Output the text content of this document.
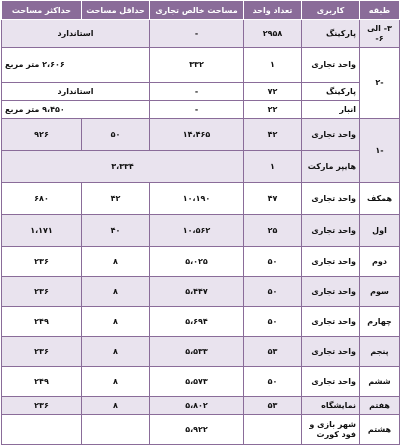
طبقه	کاربری	تعداد واحد	مساحت خالص تجاری	حداقل مساحت	حداکثر مساحت
۳- الی ۶-	پارکینگ	۲۹۵۸	-	استاندارد	
-۲	واحد تجاری	۱	۳۳۲	۲،۶۰۶ متر مربع	
	پارکینگ	۷۲	-	استاندارد	
	انبار	۲۲	-	۹،۴۵۰ متر مربع	
-۱	واحد تجاری	۴۲	۱۴،۴۶۵	۵۰	۹۲۶
	هایپر مارکت	۱	۳،۳۳۴		
همکف	واحد تجاری	۴۷	۱۰،۱۹۰	۴۲	۶۸۰
اول	واحد تجاری	۲۵	۱۰،۵۶۲	۴۰	۱،۱۷۱
دوم	واحد تجاری	۵۰	۵،۰۲۵	۸	۲۳۶
سوم	واحد تجاری	۵۰	۵،۴۴۷	۸	۲۳۶
چهارم	واحد تجاری	۵۰	۵،۶۹۴	۸	۲۴۹
پنجم	واحد تجاری	۵۳	۵،۵۳۳	۸	۲۳۶
ششم	واحد تجاری	۵۰	۵،۵۷۳	۸	۲۴۹
هفتم	نمایشگاه	۵۳	۵،۸۰۲	۸	۲۳۶
هشتم	شهر بازی و فود کورت		۵،۹۲۲		
